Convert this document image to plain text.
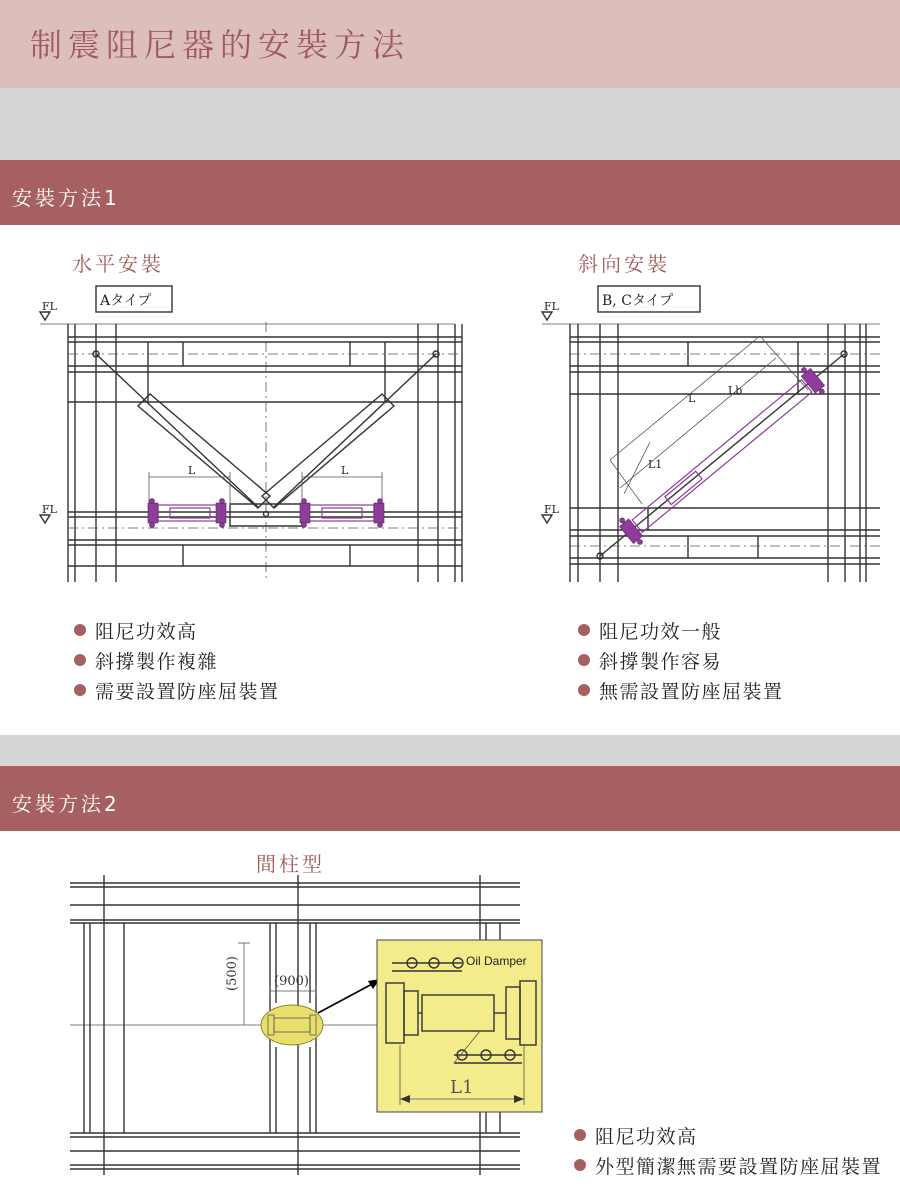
制震阻尼器的安裝方法
安裝方法1
水平安裝	斜向安裝
FL
FL
Aタイプ
L	L
FL
FL
B, Cタイプ
L
Lb
L1
阻尼功效高
斜撐製作複雜
需要設置防座屈裝置
阻尼功效一般
斜撐製作容易
無需設置防座屈裝置
安裝方法2
間柱型
(500)	(900)
Oil Damper
L1
阻尼功效高
外型簡潔無需要設置防座屈裝置
